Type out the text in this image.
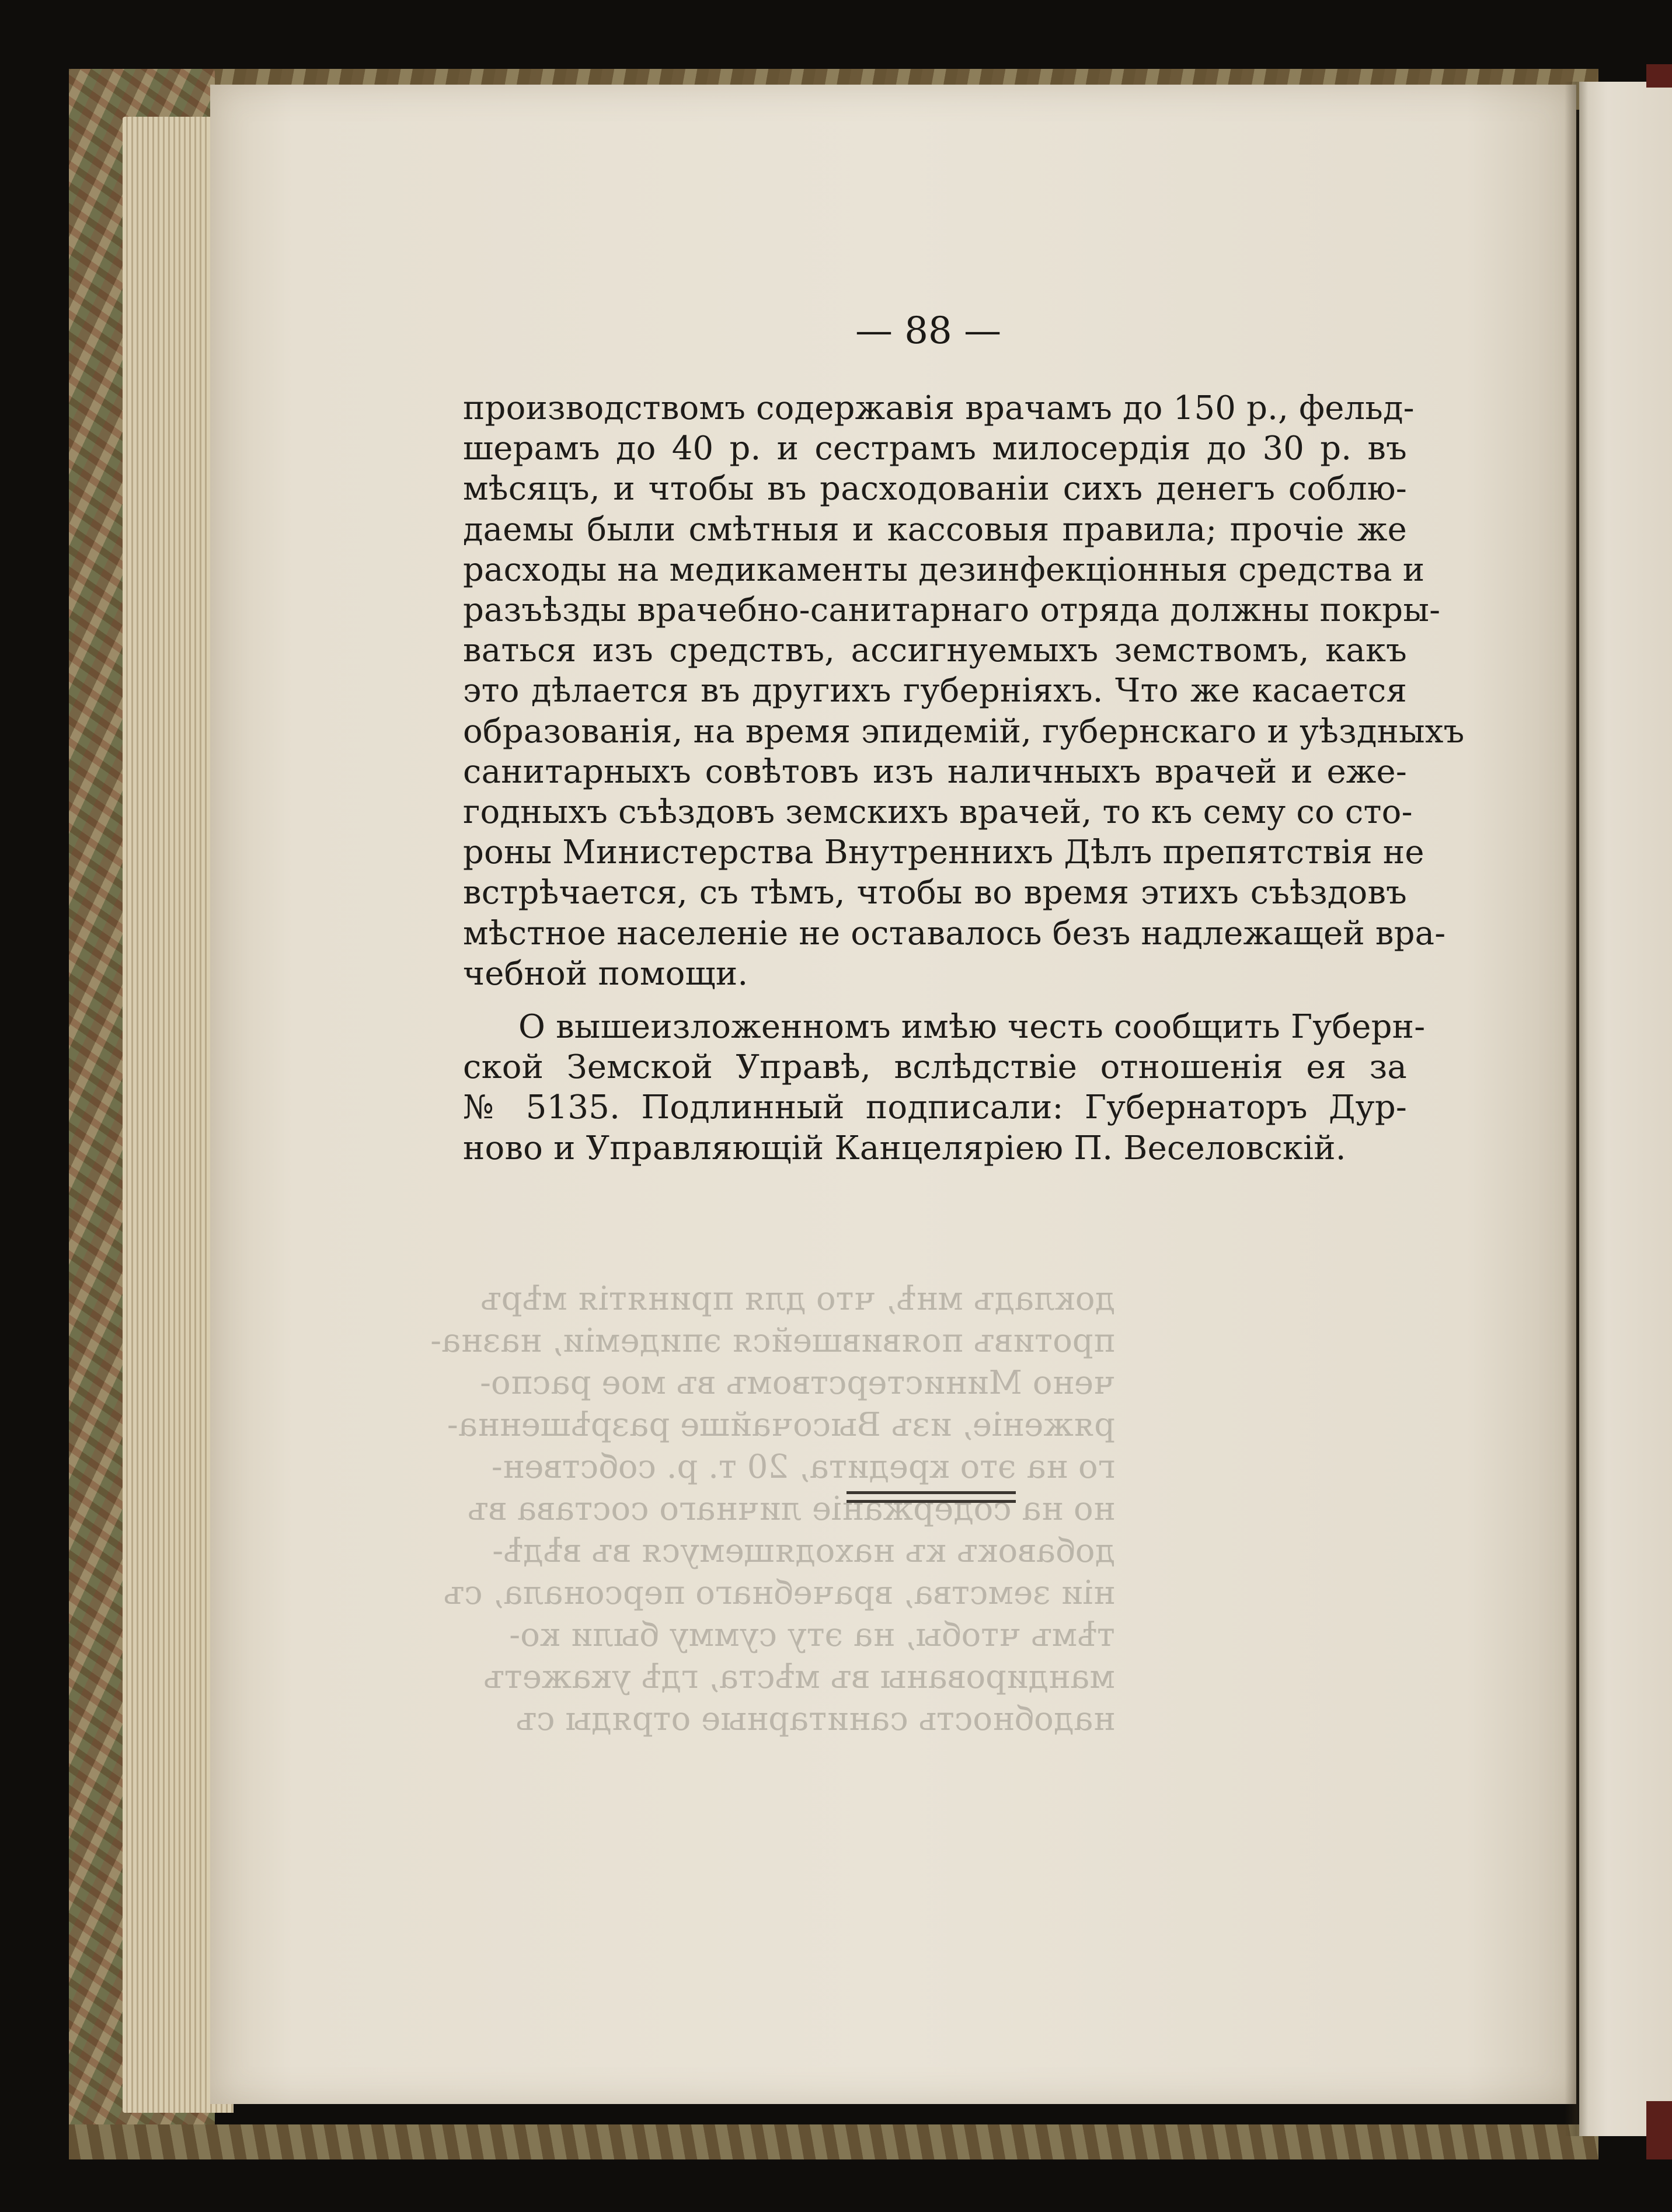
докладъ мнѣ, что для принятія мѣръ
противъ появившейся эпидеміи, назна-
чено Министерствомъ въ мое распо-
ряженіе, изъ Высочайше разрѣшенна-
го на это кредита, 20 т. р. собствен-
но на содержаніе личнаго состава въ
добавокъ къ находящемуся въ вѣдѣ-
ніи земства, врачебнаго персонала, съ
тѣмъ чтобы, на эту сумму были ко-
мандированы въ мѣста, гдѣ укажетъ
надобность санитарные отряды съ
— 88 —
производствомъ содержавія врачамъ до 150 р., фельд-
шерамъ до 40 р. и сестрамъ милосердія до 30 р. въ
мѣсяцъ, и чтобы въ расходованіи сихъ денегъ соблю-
даемы были смѣтныя и кассовыя правила; прочіе же
расходы на медикаменты дезинфекціонныя средства и
разъѣзды врачебно-санитарнаго отряда должны покры-
ваться изъ средствъ, ассигнуемыхъ земствомъ, какъ
это дѣлается въ другихъ губерніяхъ. Что же касается
образованія, на время эпидемій, губернскаго и уѣздныхъ
санитарныхъ совѣтовъ изъ наличныхъ врачей и еже-
годныхъ съѣздовъ земскихъ врачей, то къ сему со сто-
роны Министерства Внутреннихъ Дѣлъ препятствія не
встрѣчается, съ тѣмъ, чтобы во время этихъ съѣздовъ
мѣстное населеніе не оставалось безъ надлежащей вра-
чебной помощи.
О вышеизложенномъ имѣю честь сообщить Губерн-
ской Земской Управѣ, вслѣдствіе отношенія ея за
№ 5135. Подлинный подписали: Губернаторъ Дур-
ново и Управляющій Канцеляріею П. Веселовскій.
